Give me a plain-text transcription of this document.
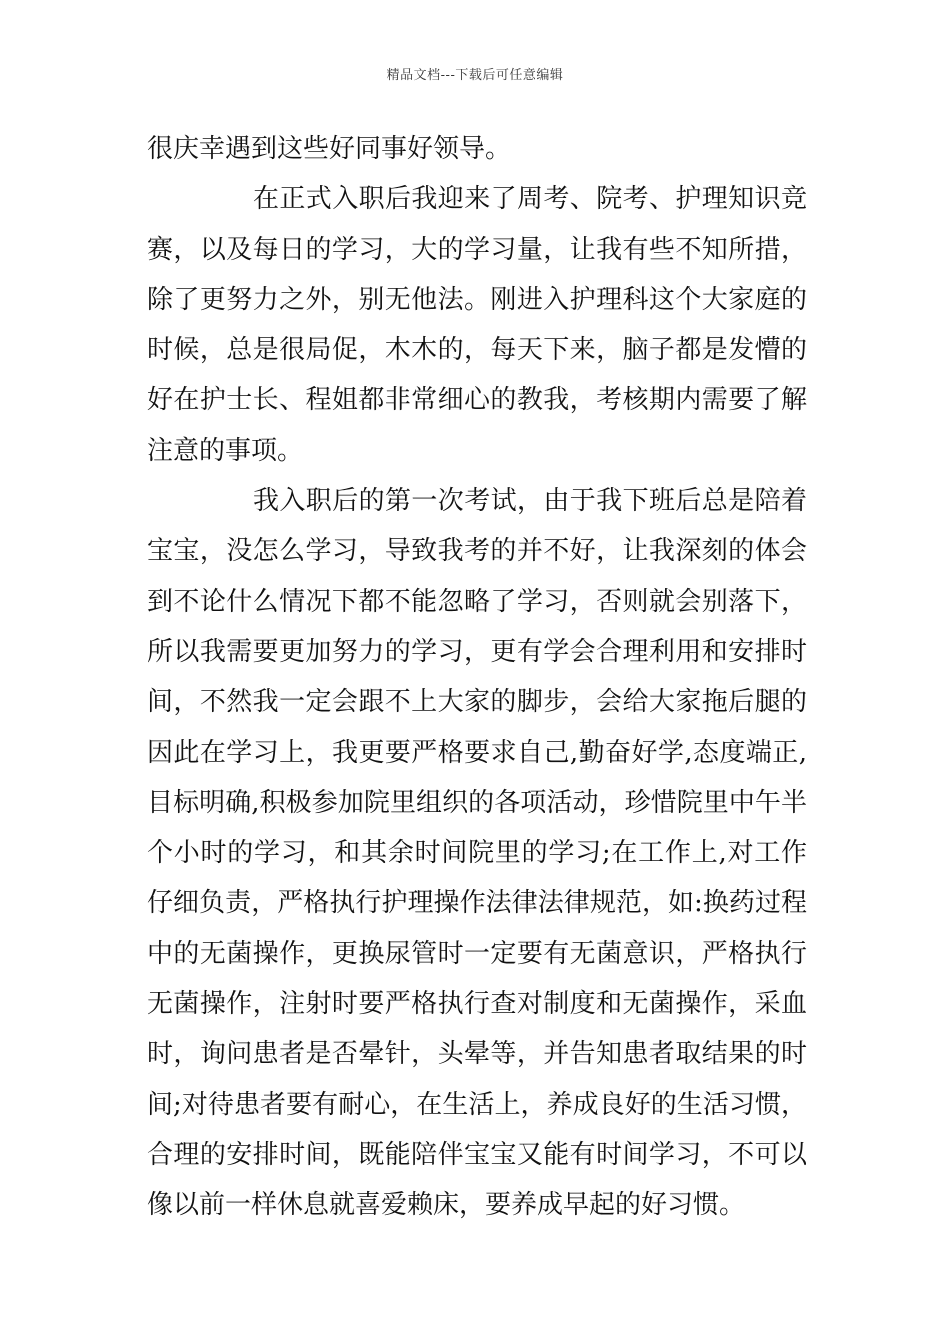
精品文档---下载后可任意编辑
很庆幸遇到这些好同事好领导。
在正式入职后我迎来了周考、院考、护理知识竞
赛，以及每日的学习，大的学习量，让我有些不知所措，
除了更努力之外，别无他法。刚进入护理科这个大家庭的
时候，总是很局促，木木的，每天下来，脑子都是发懵的
好在护士长、程姐都非常细心的教我，考核期内需要了解
注意的事项。
我入职后的第一次考试，由于我下班后总是陪着
宝宝，没怎么学习，导致我考的并不好，让我深刻的体会
到不论什么情况下都不能忽略了学习，否则就会别落下，
所以我需要更加努力的学习，更有学会合理利用和安排时
间，不然我一定会跟不上大家的脚步，会给大家拖后腿的
因此在学习上，我更要严格要求自己,勤奋好学,态度端正,
目标明确,积极参加院里组织的各项活动，珍惜院里中午半
个小时的学习，和其余时间院里的学习;在工作上,对工作
仔细负责，严格执行护理操作法律法律规范，如:换药过程
中的无菌操作，更换尿管时一定要有无菌意识，严格执行
无菌操作，注射时要严格执行查对制度和无菌操作，采血
时，询问患者是否晕针，头晕等，并告知患者取结果的时
间;对待患者要有耐心，在生活上，养成良好的生活习惯，
合理的安排时间，既能陪伴宝宝又能有时间学习，不可以
像以前一样休息就喜爱赖床，要养成早起的好习惯。
